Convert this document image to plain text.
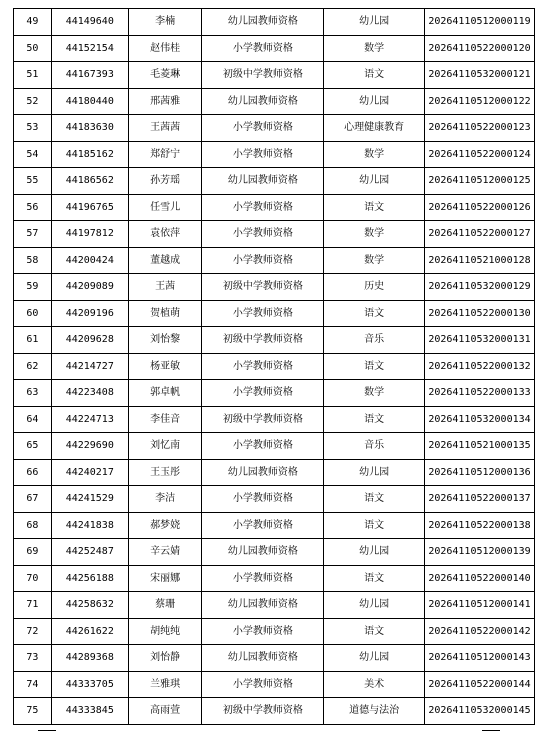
49	44149640	李楠	幼儿园教师资格	幼儿园	20264110512000119
50	44152154	赵伟桂	小学教师资格	数学	20264110522000120
51	44167393	毛菱琳	初级中学教师资格	语文	20264110532000121
52	44180440	邢茜雅	幼儿园教师资格	幼儿园	20264110512000122
53	44183630	王茜茜	小学教师资格	心理健康教育	20264110522000123
54	44185162	郑舒宁	小学教师资格	数学	20264110522000124
55	44186562	孙芳瑶	幼儿园教师资格	幼儿园	20264110512000125
56	44196765	任雪儿	小学教师资格	语文	20264110522000126
57	44197812	袁依萍	小学教师资格	数学	20264110522000127
58	44200424	董越成	小学教师资格	数学	20264110521000128
59	44209089	王茜	初级中学教师资格	历史	20264110532000129
60	44209196	贺植萌	小学教师资格	语文	20264110522000130
61	44209628	刘怡黎	初级中学教师资格	音乐	20264110532000131
62	44214727	杨亚敏	小学教师资格	语文	20264110522000132
63	44223408	郭卓帆	小学教师资格	数学	20264110522000133
64	44224713	李佳音	初级中学教师资格	语文	20264110532000134
65	44229690	刘忆南	小学教师资格	音乐	20264110521000135
66	44240217	王玉彤	幼儿园教师资格	幼儿园	20264110512000136
67	44241529	李洁	小学教师资格	语文	20264110522000137
68	44241838	郝梦娆	小学教师资格	语文	20264110522000138
69	44252487	辛云婧	幼儿园教师资格	幼儿园	20264110512000139
70	44256188	宋丽娜	小学教师资格	语文	20264110522000140
71	44258632	蔡珊	幼儿园教师资格	幼儿园	20264110512000141
72	44261622	胡纯纯	小学教师资格	语文	20264110522000142
73	44289368	刘怡静	幼儿园教师资格	幼儿园	20264110512000143
74	44333705	兰雅琪	小学教师资格	美术	20264110522000144
75	44333845	高雨萱	初级中学教师资格	道德与法治	20264110532000145
